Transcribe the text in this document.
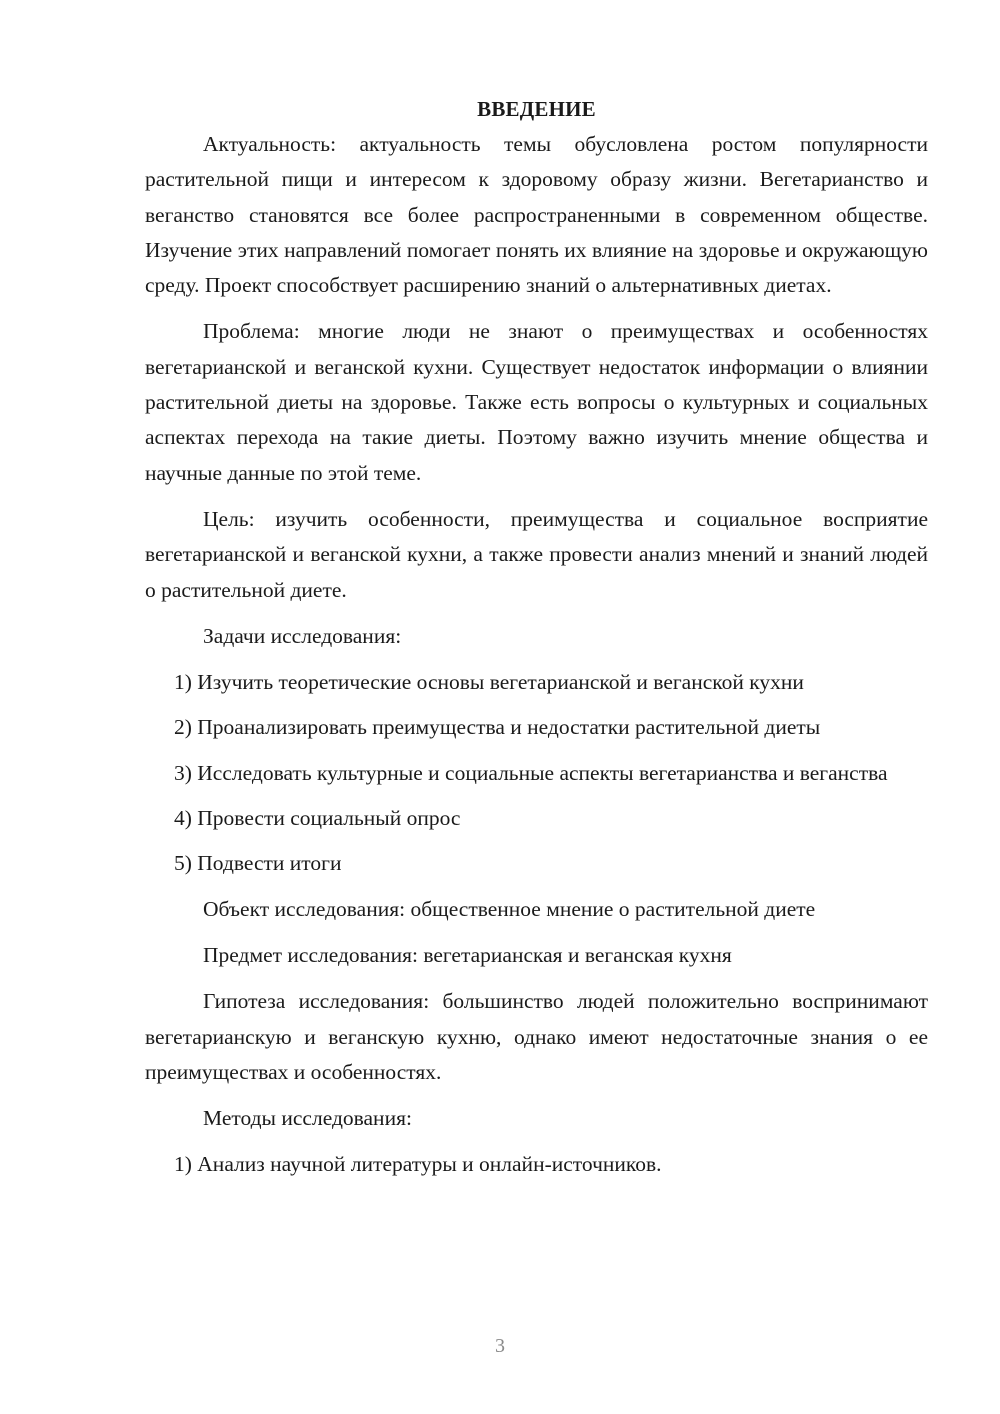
ВВЕДЕНИЕ

Актуальность: актуальность темы обусловлена ростом популярности растительной пищи и интересом к здоровому образу жизни. Вегетарианство и веганство становятся все более распространенными в современном обществе. Изучение этих направлений помогает понять их влияние на здоровье и окружающую среду. Проект способствует расширению знаний о альтернативных диетах.

Проблема: многие люди не знают о преимуществах и особенностях вегетарианской и веганской кухни. Существует недостаток информации о влиянии растительной диеты на здоровье. Также есть вопросы о культурных и социальных аспектах перехода на такие диеты. Поэтому важно изучить мнение общества и научные данные по этой теме.

Цель: изучить особенности, преимущества и социальное восприятие вегетарианской и веганской кухни, а также провести анализ мнений и знаний людей о растительной диете.

Задачи исследования:

1) Изучить теоретические основы вегетарианской и веганской кухни

2) Проанализировать преимущества и недостатки растительной диеты

3) Исследовать культурные и социальные аспекты вегетарианства и веганства

4) Провести социальный опрос

5) Подвести итоги

Объект исследования: общественное мнение о растительной диете

Предмет исследования: вегетарианская и веганская кухня

Гипотеза исследования: большинство людей положительно воспринимают вегетарианскую и веганскую кухню, однако имеют недостаточные знания о ее преимуществах и особенностях.

Методы исследования:

1) Анализ научной литературы и онлайн-источников.

3
